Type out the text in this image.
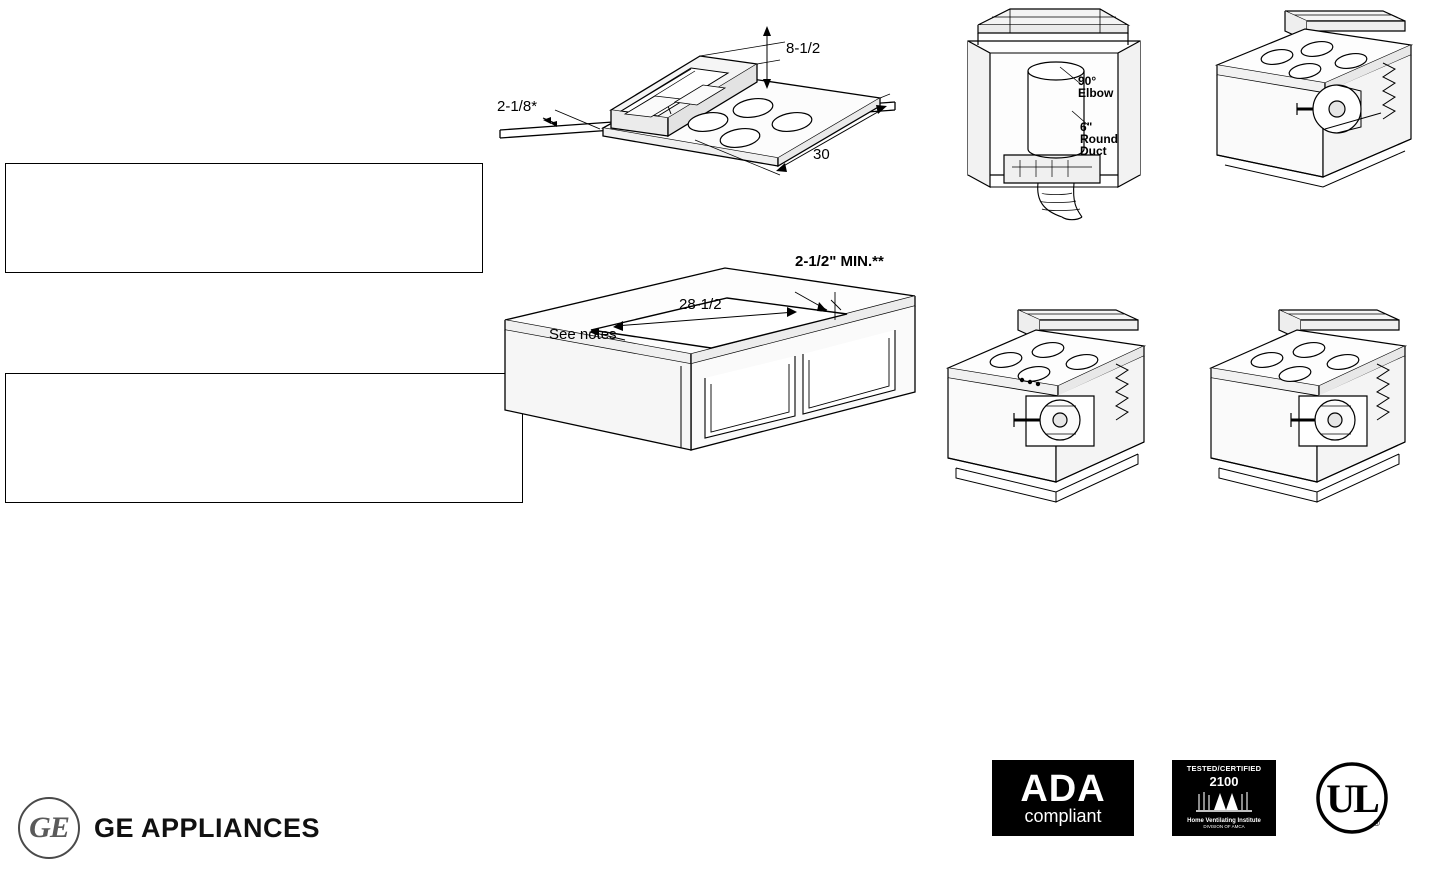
8-1/2
2-1/8*
30
2-1/2" MIN.**
28-1/2
See notes
90°
Elbow
6"
Round
Duct
GE GE APPLIANCES
ADA
compliant
TESTED/CERTIFIED
2100
Home Ventilating Institute
DIVISION OF AMCA
UL
®
